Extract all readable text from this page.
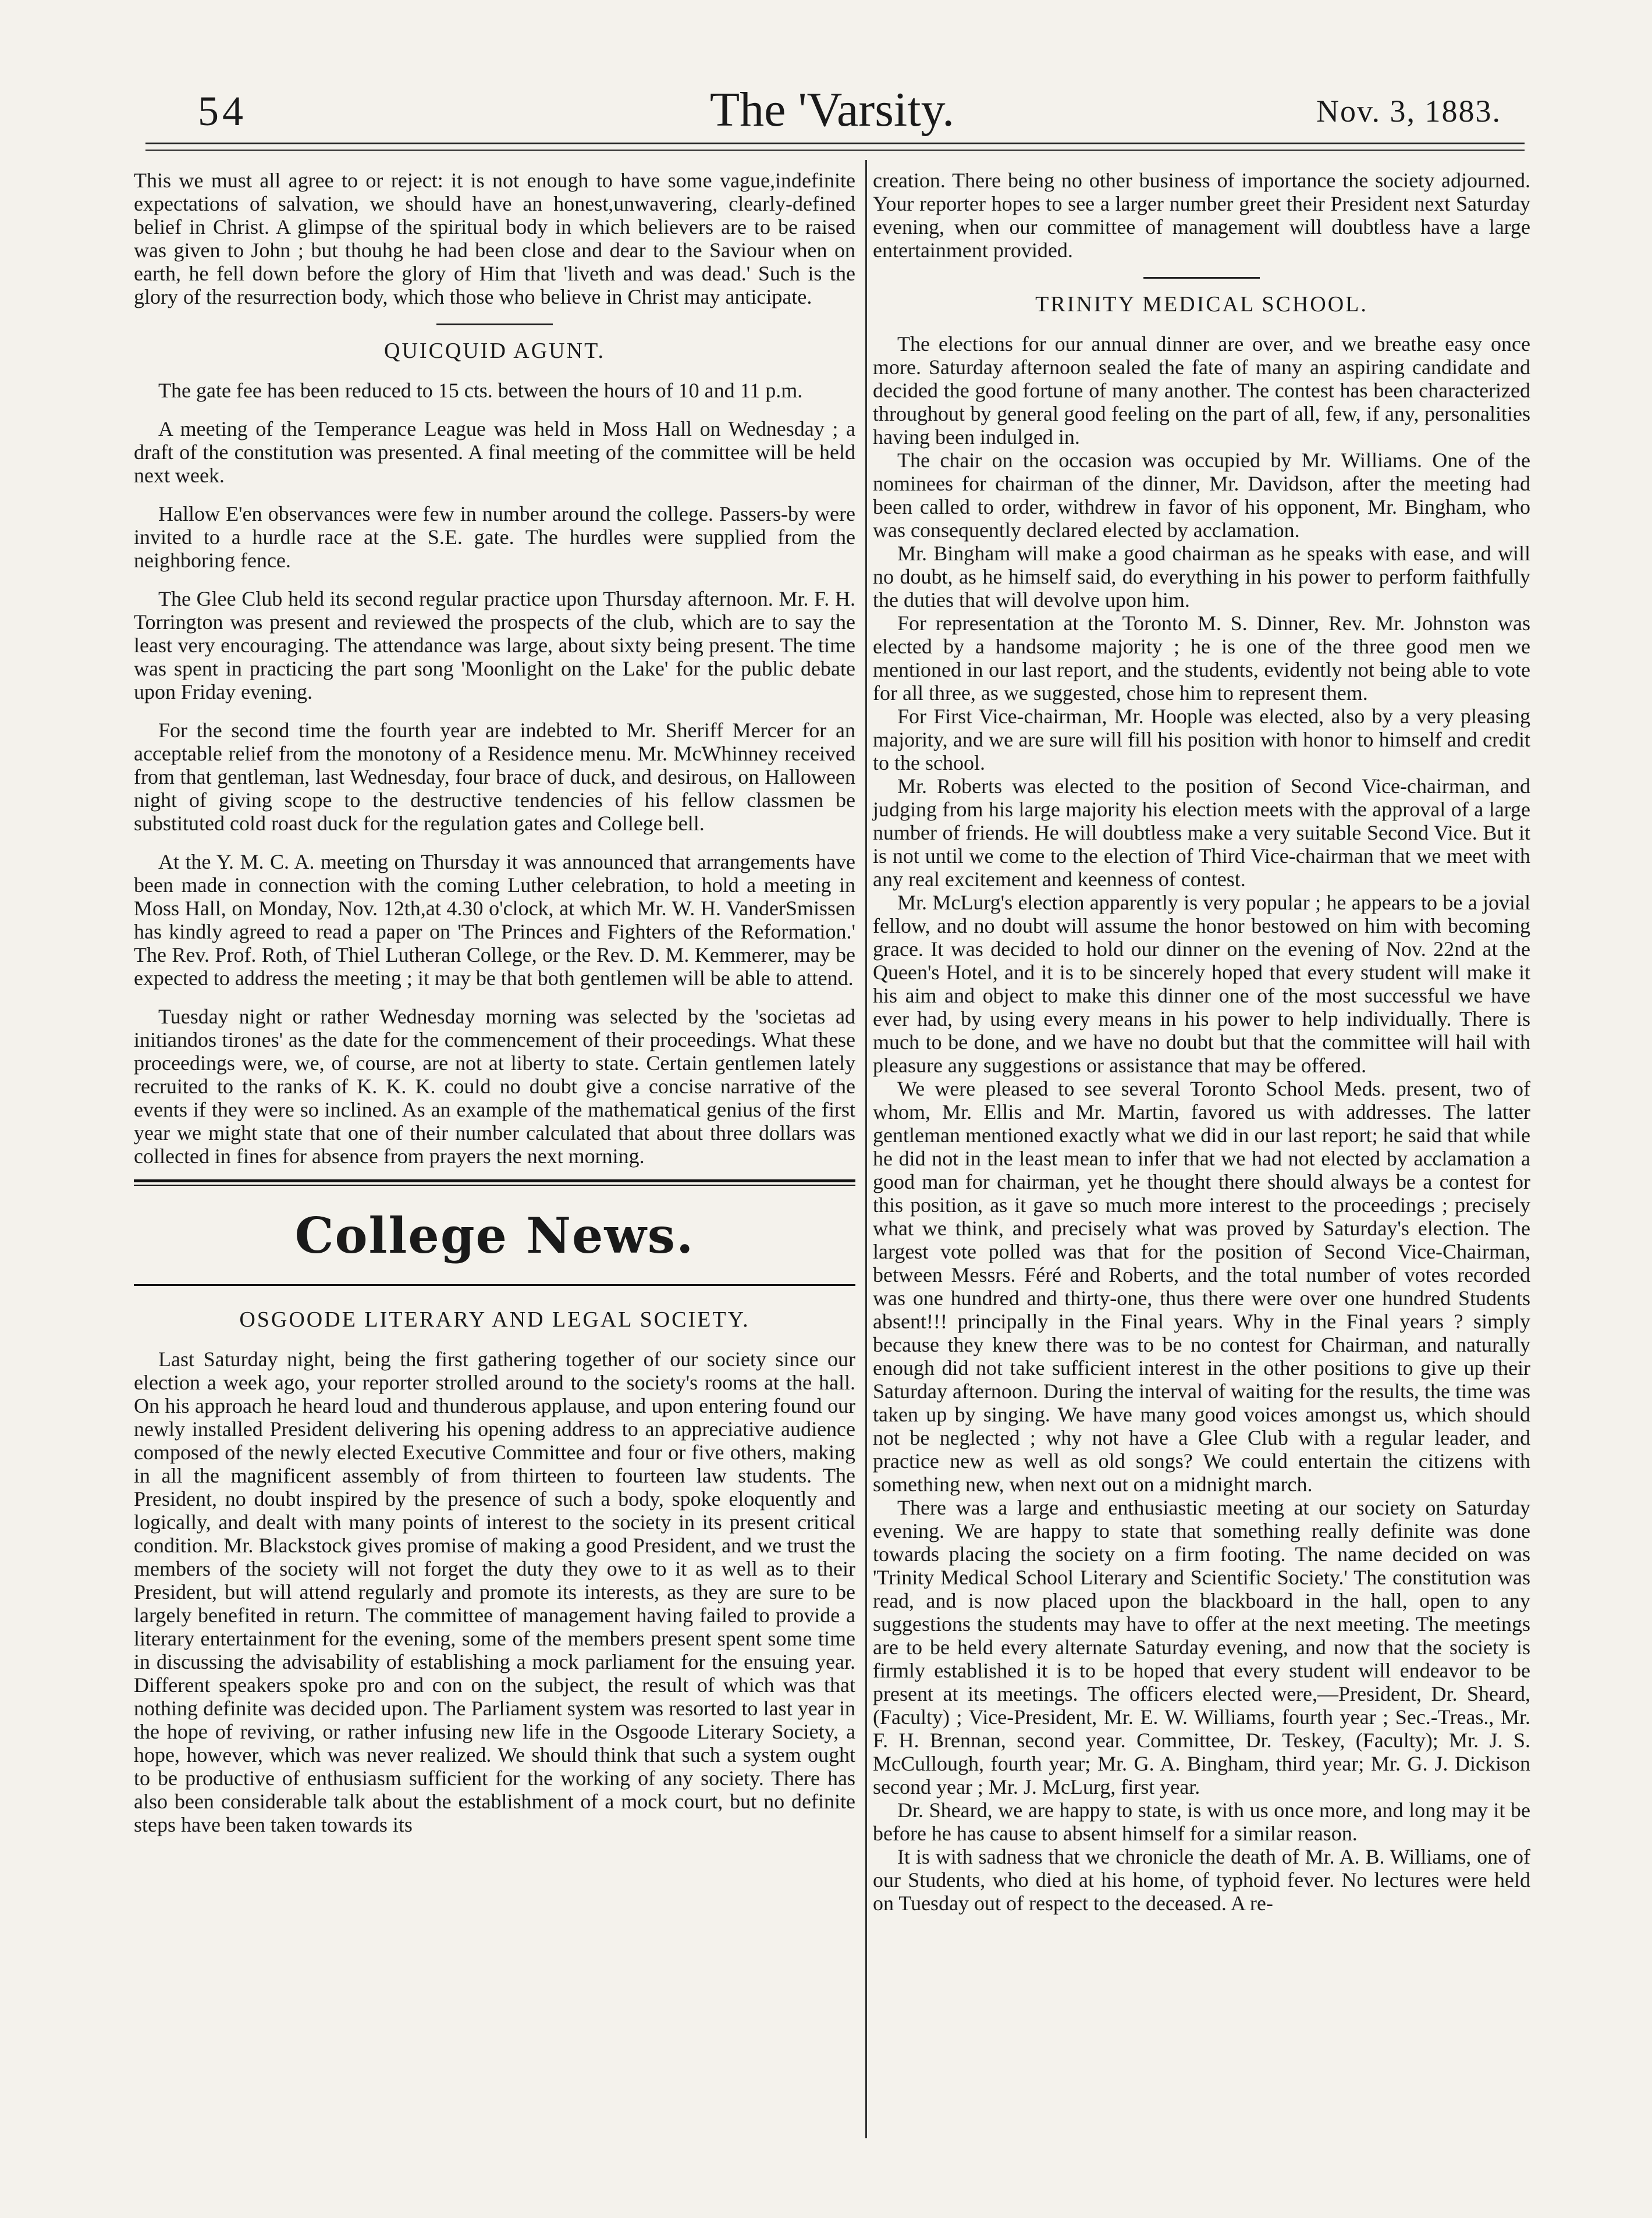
54	The 'Varsity.	Nov. 3, 1883.

This we must all agree to or reject: it is not enough to have some vague,indefinite expectations of salvation, we should have an honest,unwavering, clearly-defined belief in Christ. A glimpse of the spiritual body in which believers are to be raised was given to John ; but thouhg he had been close and dear to the Saviour when on earth, he fell down before the glory of Him that 'liveth and was dead.' Such is the glory of the resurrection body, which those who believe in Christ may anticipate.

QUICQUID AGUNT.

The gate fee has been reduced to 15 cts. between the hours of 10 and 11 p.m.

A meeting of the Temperance League was held in Moss Hall on Wednesday ; a draft of the constitution was presented. A final meeting of the committee will be held next week.

Hallow E'en observances were few in number around the college. Passers-by were invited to a hurdle race at the S.E. gate. The hurdles were supplied from the neighboring fence.

The Glee Club held its second regular practice upon Thursday afternoon. Mr. F. H. Torrington was present and reviewed the prospects of the club, which are to say the least very encouraging. The attendance was large, about sixty being present. The time was spent in practicing the part song 'Moonlight on the Lake' for the public debate upon Friday evening.

For the second time the fourth year are indebted to Mr. Sheriff Mercer for an acceptable relief from the monotony of a Residence menu. Mr. McWhinney received from that gentleman, last Wednesday, four brace of duck, and desirous, on Halloween night of giving scope to the destructive tendencies of his fellow classmen be substituted cold roast duck for the regulation gates and College bell.

At the Y. M. C. A. meeting on Thursday it was announced that arrangements have been made in connection with the coming Luther celebration, to hold a meeting in Moss Hall, on Monday, Nov. 12th,at 4.30 o'clock, at which Mr. W. H. VanderSmissen has kindly agreed to read a paper on 'The Princes and Fighters of the Reformation.' The Rev. Prof. Roth, of Thiel Lutheran College, or the Rev. D. M. Kemmerer, may be expected to address the meeting ; it may be that both gentlemen will be able to attend.

Tuesday night or rather Wednesday morning was selected by the 'societas ad initiandos tirones' as the date for the commencement of their proceedings. What these proceedings were, we, of course, are not at liberty to state. Certain gentlemen lately recruited to the ranks of K. K. K. could no doubt give a concise narrative of the events if they were so inclined. As an example of the mathematical genius of the first year we might state that one of their number calculated that about three dollars was collected in fines for absence from prayers the next morning.

College News.
OSGOODE LITERARY AND LEGAL SOCIETY.

Last Saturday night, being the first gathering together of our society since our election a week ago, your reporter strolled around to the society's rooms at the hall. On his approach he heard loud and thunderous applause, and upon entering found our newly installed President delivering his opening address to an appreciative audience composed of the newly elected Executive Committee and four or five others, making in all the magnificent assembly of from thirteen to fourteen law students. The President, no doubt inspired by the presence of such a body, spoke eloquently and logically, and dealt with many points of interest to the society in its present critical condition. Mr. Blackstock gives promise of making a good President, and we trust the members of the society will not forget the duty they owe to it as well as to their President, but will attend regularly and promote its interests, as they are sure to be largely benefited in return. The committee of management having failed to provide a literary entertainment for the evening, some of the members present spent some time in discussing the advisability of establishing a mock parliament for the ensuing year. Different speakers spoke pro and con on the subject, the result of which was that nothing definite was decided upon. The Parliament system was resorted to last year in the hope of reviving, or rather infusing new life in the Osgoode Literary Society, a hope, however, which was never realized. We should think that such a system ought to be productive of enthusiasm sufficient for the working of any society. There has also been considerable talk about the establishment of a mock court, but no definite steps have been taken towards its

creation. There being no other business of importance the society adjourned. Your reporter hopes to see a larger number greet their President next Saturday evening, when our committee of management will doubtless have a large entertainment provided.

TRINITY MEDICAL SCHOOL.

The elections for our annual dinner are over, and we breathe easy once more. Saturday afternoon sealed the fate of many an aspiring candidate and decided the good fortune of many another. The contest has been characterized throughout by general good feeling on the part of all, few, if any, personalities having been indulged in.

The chair on the occasion was occupied by Mr. Williams. One of the nominees for chairman of the dinner, Mr. Davidson, after the meeting had been called to order, withdrew in favor of his opponent, Mr. Bingham, who was consequently declared elected by acclamation.

Mr. Bingham will make a good chairman as he speaks with ease, and will no doubt, as he himself said, do everything in his power to perform faithfully the duties that will devolve upon him.

For representation at the Toronto M. S. Dinner, Rev. Mr. Johnston was elected by a handsome majority ; he is one of the three good men we mentioned in our last report, and the students, evidently not being able to vote for all three, as we suggested, chose him to represent them.

For First Vice-chairman, Mr. Hoople was elected, also by a very pleasing majority, and we are sure will fill his position with honor to himself and credit to the school.

Mr. Roberts was elected to the position of Second Vice-chairman, and judging from his large majority his election meets with the approval of a large number of friends. He will doubtless make a very suitable Second Vice. But it is not until we come to the election of Third Vice-chairman that we meet with any real excitement and keenness of contest.

Mr. McLurg's election apparently is very popular ; he appears to be a jovial fellow, and no doubt will assume the honor bestowed on him with becoming grace. It was decided to hold our dinner on the evening of Nov. 22nd at the Queen's Hotel, and it is to be sincerely hoped that every student will make it his aim and object to make this dinner one of the most successful we have ever had, by using every means in his power to help individually. There is much to be done, and we have no doubt but that the committee will hail with pleasure any suggestions or assistance that may be offered.

We were pleased to see several Toronto School Meds. present, two of whom, Mr. Ellis and Mr. Martin, favored us with addresses. The latter gentleman mentioned exactly what we did in our last report; he said that while he did not in the least mean to infer that we had not elected by acclamation a good man for chairman, yet he thought there should always be a contest for this position, as it gave so much more interest to the proceedings ; precisely what we think, and precisely what was proved by Saturday's election. The largest vote polled was that for the position of Second Vice-Chairman, between Messrs. Féré and Roberts, and the total number of votes recorded was one hundred and thirty-one, thus there were over one hundred Students absent!!! principally in the Final years. Why in the Final years ? simply because they knew there was to be no contest for Chairman, and naturally enough did not take sufficient interest in the other positions to give up their Saturday afternoon. During the interval of waiting for the results, the time was taken up by singing. We have many good voices amongst us, which should not be neglected ; why not have a Glee Club with a regular leader, and practice new as well as old songs? We could entertain the citizens with something new, when next out on a midnight march.

There was a large and enthusiastic meeting at our society on Saturday evening. We are happy to state that something really definite was done towards placing the society on a firm footing. The name decided on was 'Trinity Medical School Literary and Scientific Society.' The constitution was read, and is now placed upon the blackboard in the hall, open to any suggestions the students may have to offer at the next meeting. The meetings are to be held every alternate Saturday evening, and now that the society is firmly established it is to be hoped that every student will endeavor to be present at its meetings. The officers elected were,—President, Dr. Sheard, (Faculty) ; Vice-President, Mr. E. W. Williams, fourth year ; Sec.-Treas., Mr. F. H. Brennan, second year. Committee, Dr. Teskey, (Faculty); Mr. J. S. McCullough, fourth year; Mr. G. A. Bingham, third year; Mr. G. J. Dickison second year ; Mr. J. McLurg, first year.

Dr. Sheard, we are happy to state, is with us once more, and long may it be before he has cause to absent himself for a similar reason.

It is with sadness that we chronicle the death of Mr. A. B. Williams, one of our Students, who died at his home, of typhoid fever. No lectures were held on Tuesday out of respect to the deceased. A re-
